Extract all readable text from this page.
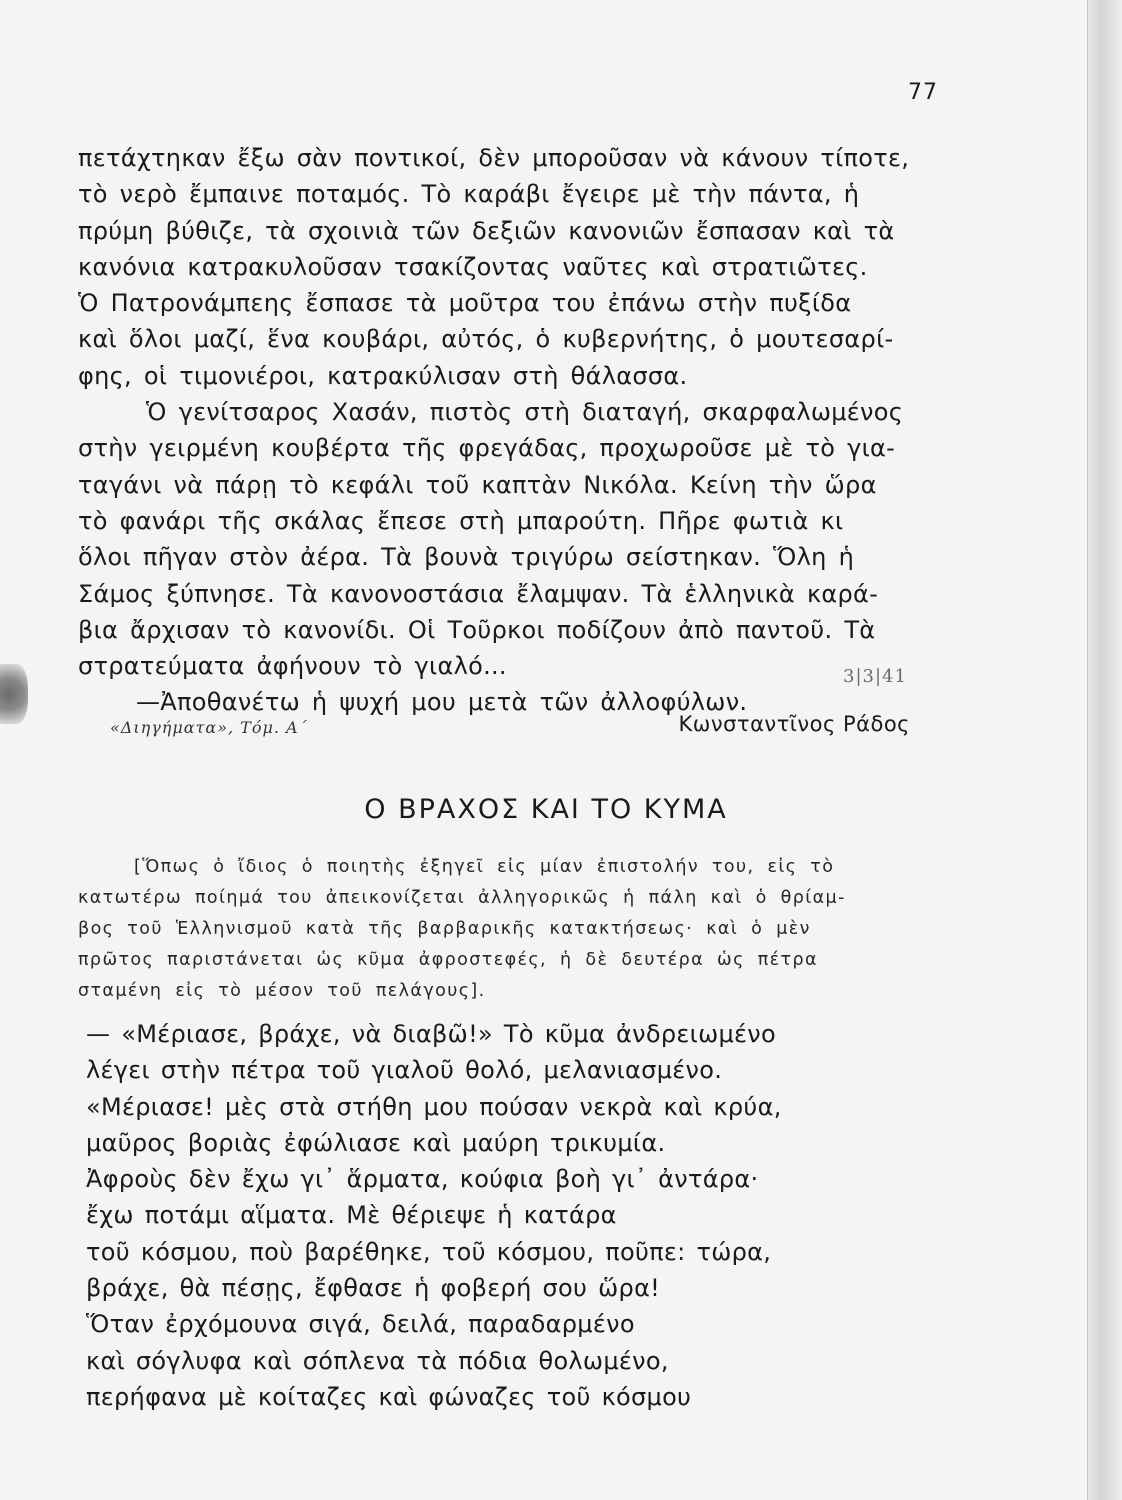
77
πετάχτηκαν ἔξω σὰν ποντικοί, δὲν μποροῦσαν νὰ κάνουν τίποτε,
τὸ νερὸ ἔμπαινε ποταμός. Τὸ καράβι ἔγειρε μὲ τὴν πάντα, ἡ
πρύμη βύθιζε, τὰ σχοινιὰ τῶν δεξιῶν κανονιῶν ἔσπασαν καὶ τὰ
κανόνια κατρακυλοῦσαν τσακίζοντας ναῦτες καὶ στρατιῶτες.
Ὁ Πατρονάμπεης ἔσπασε τὰ μοῦτρα του ἐπάνω στὴν πυξίδα
καὶ ὅλοι μαζί, ἕνα κουβάρι, αὐτός, ὁ κυβερνήτης, ὁ μουτεσαρί-
φης, οἱ τιμονιέροι, κατρακύλισαν στὴ θάλασσα.
Ὁ γενίτσαρος Χασάν, πιστὸς στὴ διαταγή, σκαρφαλωμένος
στὴν γειρμένη κουβέρτα τῆς φρεγάδας, προχωροῦσε μὲ τὸ για-
ταγάνι νὰ πάρῃ τὸ κεφάλι τοῦ καπτὰν Νικόλα. Κείνη τὴν ὥρα
τὸ φανάρι τῆς σκάλας ἔπεσε στὴ μπαρούτη. Πῆρε φωτιὰ κι
ὅλοι πῆγαν στὸν ἀέρα. Τὰ βουνὰ τριγύρω σείστηκαν. Ὅλη ἡ
Σάμος ξύπνησε. Τὰ κανονοστάσια ἔλαμψαν. Τὰ ἑλληνικὰ καρά-
βια ἄρχισαν τὸ κανονίδι. Οἱ Τοῦρκοι ποδίζουν ἀπὸ παντοῦ. Τὰ
στρατεύματα ἀφήνουν τὸ γιαλό...
—Ἀποθανέτω ἡ ψυχή μου μετὰ τῶν ἀλλοφύλων.
3|3|41
«Διηγήματα», Τόμ. Α΄	Κωνσταντῖνος Ράδος
Ο ΒΡΑΧΟΣ ΚΑΙ ΤΟ ΚΥΜΑ
[Ὅπως ὁ ἴδιος ὁ ποιητὴς ἐξηγεῖ εἰς μίαν ἐπιστολήν του, εἰς τὸ
κατωτέρω ποίημά του ἀπεικονίζεται ἀλληγορικῶς ἡ πάλη καὶ ὁ θρίαμ-
βος τοῦ Ἑλληνισμοῦ κατὰ τῆς βαρβαρικῆς κατακτήσεως· καὶ ὁ μὲν
πρῶτος παριστάνεται ὡς κῦμα ἀφροστεφές, ἡ δὲ δευτέρα ὡς πέτρα
σταμένη εἰς τὸ μέσον τοῦ πελάγους].
— «Μέριασε, βράχε, νὰ διαβῶ!» Τὸ κῦμα ἀνδρειωμένο
λέγει στὴν πέτρα τοῦ γιαλοῦ θολό, μελανιασμένο.
«Μέριασε! μὲς στὰ στήθη μου πούσαν νεκρὰ καὶ κρύα,
μαῦρος βοριὰς ἐφώλιασε καὶ μαύρη τρικυμία.
Ἀφροὺς δὲν ἔχω γι᾿ ἅρματα, κούφια βοὴ γι᾿ ἀντάρα·
ἔχω ποτάμι αἵματα. Μὲ θέριεψε ἡ κατάρα
τοῦ κόσμου, ποὺ βαρέθηκε, τοῦ κόσμου, ποῦπε: τώρα,
βράχε, θὰ πέσῃς, ἔφθασε ἡ φοβερή σου ὥρα!
Ὅταν ἐρχόμουνα σιγά, δειλά, παραδαρμένο
καὶ σόγλυφα καὶ σόπλενα τὰ πόδια θολωμένο,
περήφανα μὲ κοίταζες καὶ φώναζες τοῦ κόσμου
